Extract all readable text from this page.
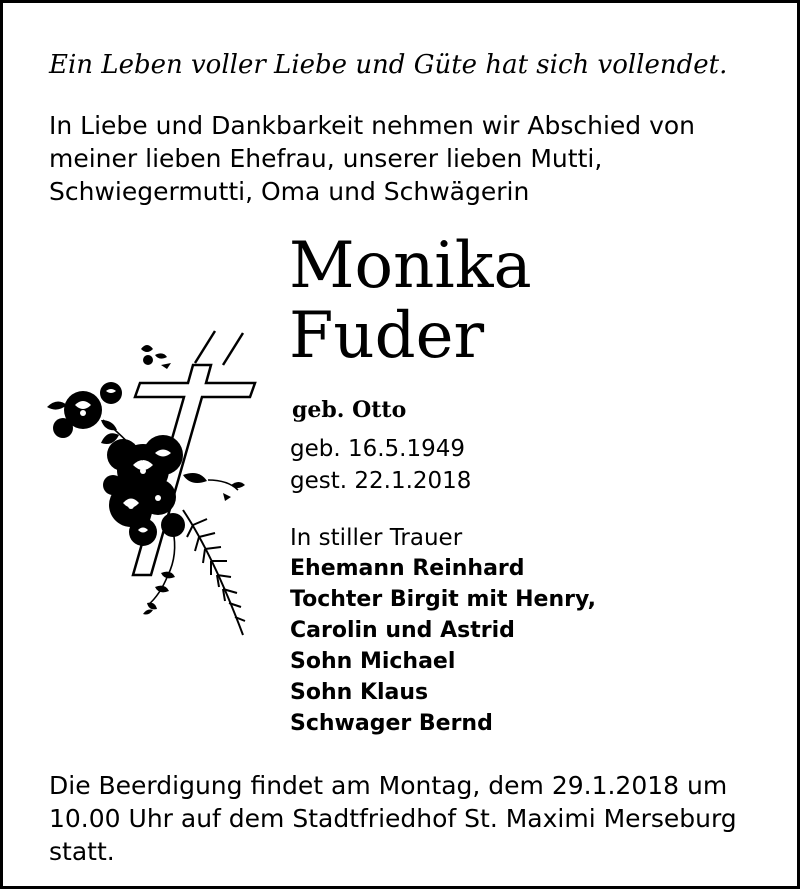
Ein Leben voller Liebe und Güte hat sich vollendet.
In Liebe und Dankbarkeit nehmen wir Abschied von
meiner lieben Ehefrau, unserer lieben Mutti,
Schwiegermutti, Oma und Schwägerin
Monika
Fuder
geb. Otto
geb. 16.5.1949
gest. 22.1.2018
In stiller Trauer
Ehemann Reinhard
Tochter Birgit mit Henry,
Carolin und Astrid
Sohn Michael
Sohn Klaus
Schwager Bernd
Die Beerdigung findet am Montag, dem 29.1.2018 um
10.00 Uhr auf dem Stadtfriedhof St. Maximi Merseburg
statt.
